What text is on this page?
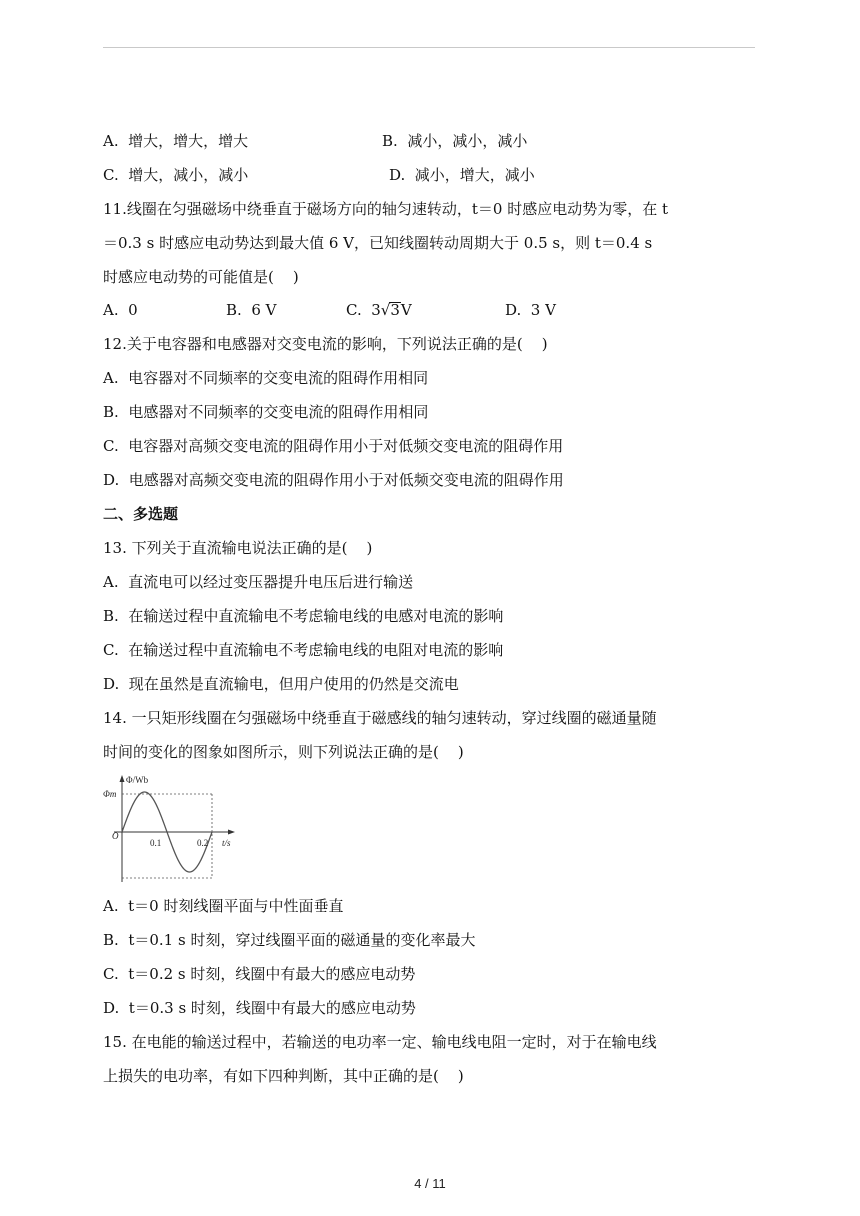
A.  增大，增大，增大	B.  减小，减小，减小
C.  增大，减小，减小	D.  减小，增大，减小
11.线圈在匀强磁场中绕垂直于磁场方向的轴匀速转动，t＝0 时感应电动势为零，在 t
＝0.3 s 时感应电动势达到最大值 6 V，已知线圈转动周期大于 0.5 s，则 t＝0.4 s
时感应电动势的可能值是(    )
A.  0	B.  6 V	C.  3√3V	D.  3 V
12.关于电容器和电感器对交变电流的影响，下列说法正确的是(    )
A.  电容器对不同频率的交变电流的阻碍作用相同
B.  电感器对不同频率的交变电流的阻碍作用相同
C.  电容器对高频交变电流的阻碍作用小于对低频交变电流的阻碍作用
D.  电感器对高频交变电流的阻碍作用小于对低频交变电流的阻碍作用
二、多选题
13. 下列关于直流输电说法正确的是(    )
A.  直流电可以经过变压器提升电压后进行输送
B.  在输送过程中直流输电不考虑输电线的电感对电流的影响
C.  在输送过程中直流输电不考虑输电线的电阻对电流的影响
D.  现在虽然是直流输电，但用户使用的仍然是交流电
14. 一只矩形线圈在匀强磁场中绕垂直于磁感线的轴匀速转动，穿过线圈的磁通量随
时间的变化的图象如图所示，则下列说法正确的是(    )
Φ/Wb
Φm
O
0.1	0.2 t/s
A.  t＝0 时刻线圈平面与中性面垂直
B.  t＝0.1 s 时刻，穿过线圈平面的磁通量的变化率最大
C.  t＝0.2 s 时刻，线圈中有最大的感应电动势
D.  t＝0.3 s 时刻，线圈中有最大的感应电动势
15. 在电能的输送过程中，若输送的电功率一定、输电线电阻一定时，对于在输电线
上损失的电功率，有如下四种判断，其中正确的是(    )
4 / 11
